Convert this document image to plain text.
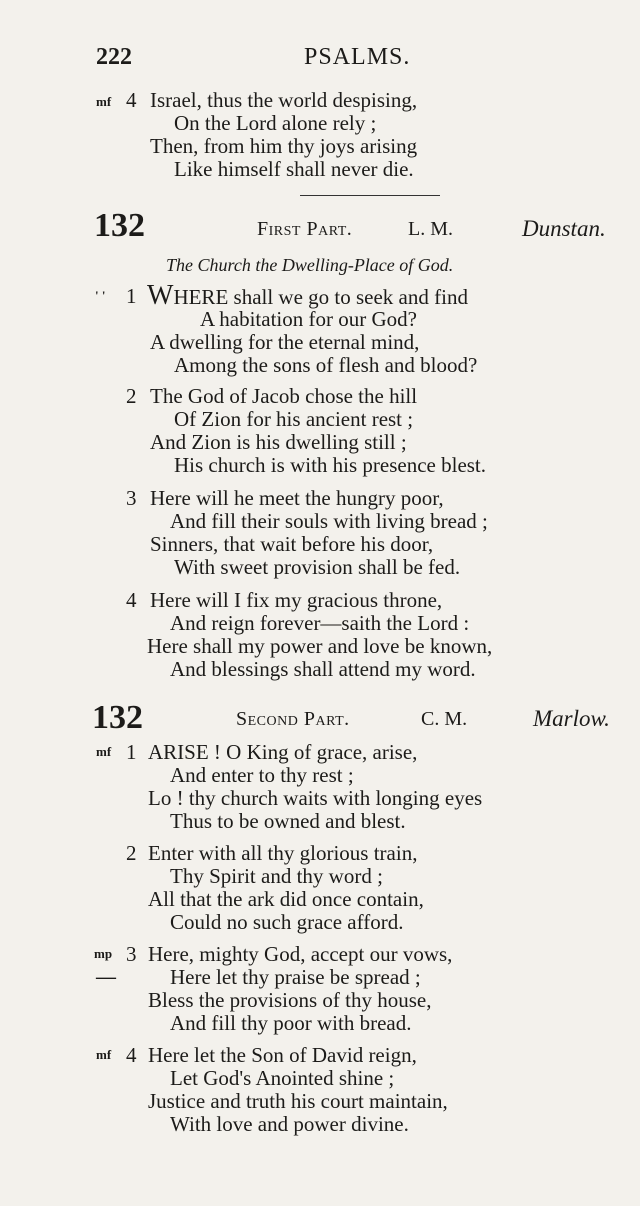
222	PSALMS.
mf 4 Israel, thus the world despising,
On the Lord alone rely ;
Then, from him thy joys arising
Like himself shall never die.
132	First Part.	L. M.	Dunstan.
The Church the Dwelling-Place of God.
' ' 1 WHERE shall we go to seek and find
A habitation for our God?
A dwelling for the eternal mind,
Among the sons of flesh and blood?
2 The God of Jacob chose the hill
Of Zion for his ancient rest ;
And Zion is his dwelling still ;
His church is with his presence blest.
3 Here will he meet the hungry poor,
And fill their souls with living bread ;
Sinners, that wait before his door,
With sweet provision shall be fed.
4 Here will I fix my gracious throne,
And reign forever—saith the Lord :
Here shall my power and love be known,
And blessings shall attend my word.
132	Second Part.	C. M.	Marlow.
mf 1 ARISE ! O King of grace, arise,
And enter to thy rest ;
Lo ! thy church waits with longing eyes
Thus to be owned and blest.
2 Enter with all thy glorious train,
Thy Spirit and thy word ;
All that the ark did once contain,
Could no such grace afford.
mp 3 Here, mighty God, accept our vows,
—	Here let thy praise be spread ;
Bless the provisions of thy house,
And fill thy poor with bread.
mf 4 Here let the Son of David reign,
Let God's Anointed shine ;
Justice and truth his court maintain,
With love and power divine.
